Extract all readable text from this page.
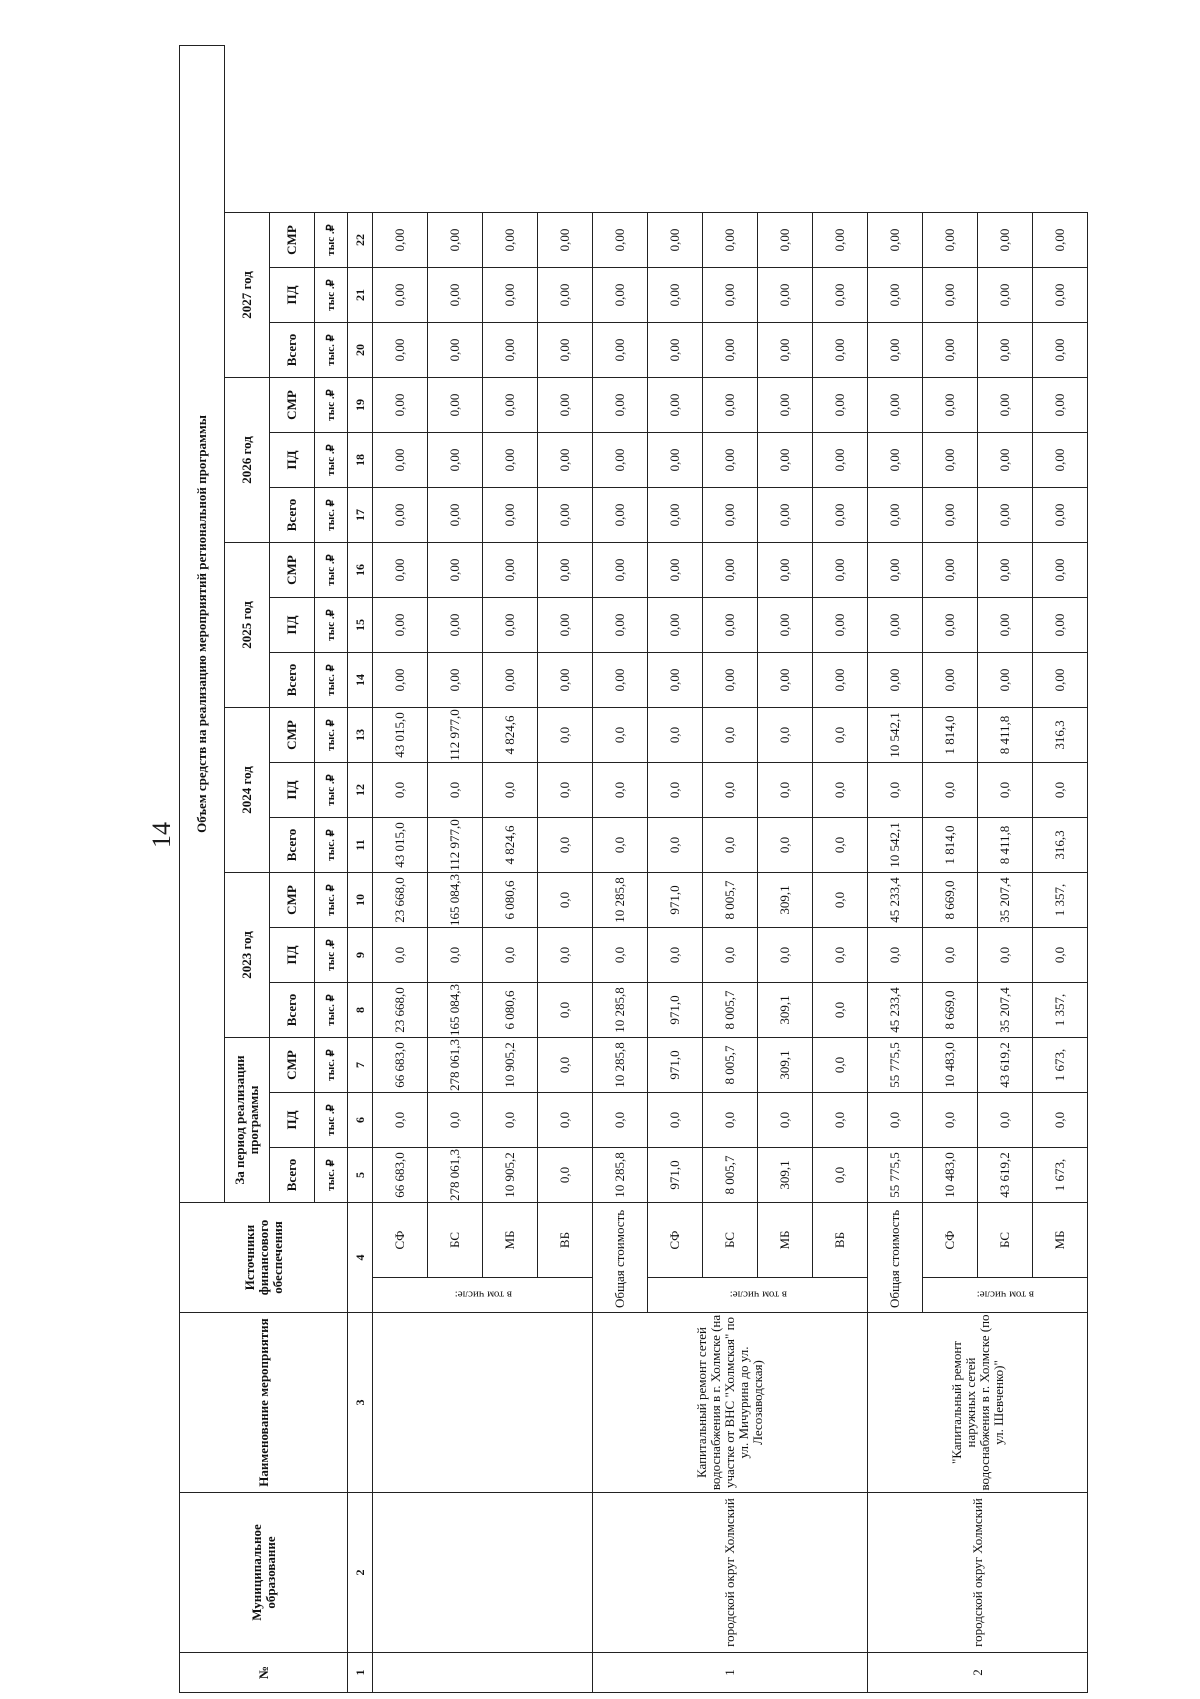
14
№	Муниципальное образование	Наименование мероприятия	Источники финансового обеспечения		Объем средств на реализацию мероприятий региональной программы																	
					За период реализации программы			2023 год			2024 год			2025 год			2026 год			2027 год		
					Всего	ПД	СМР	Всего	ПД	СМР	Всего	ПД	СМР	Всего	ПД	СМР	Всего	ПД	СМР	Всего	ПД	СМР
					тыс. ₽	тыс .₽	тыс. ₽	тыс. ₽	тыс .₽	тыс. ₽	тыс. ₽	тыс .₽	тыс. ₽	тыс. ₽	тыс .₽	тыс .₽	тыс. ₽	тыс .₽	тыс .₽	тыс. ₽	тыс .₽	тыс .₽
1	2	3	4		5	6	7	8	9	10	11	12	13	14	15	16	17	18	19	20	21	22
			в том числе:	СФ	66 683,0	0,0	66 683,0	23 668,0	0,0	23 668,0	43 015,0	0,0	43 015,0	0,00	0,00	0,00	0,00	0,00	0,00	0,00	0,00	0,00
				БС	278 061,3	0,0	278 061,3	165 084,3	0,0	165 084,3	112 977,0	0,0	112 977,0	0,00	0,00	0,00	0,00	0,00	0,00	0,00	0,00	0,00
				МБ	10 905,2	0,0	10 905,2	6 080,6	0,0	6 080,6	4 824,6	0,0	4 824,6	0,00	0,00	0,00	0,00	0,00	0,00	0,00	0,00	0,00
				ВБ	0,0	0,0	0,0	0,0	0,0	0,0	0,0	0,0	0,0	0,00	0,00	0,00	0,00	0,00	0,00	0,00	0,00	0,00
1	городской округ Холмский	Капитальный ремонт сетей водоснабжения в г. Холмске (на участке от ВНС "Холмская" по ул. Мичурина до ул. Лесозаводская)	Общая стоимость		10 285,8	0,0	10 285,8	10 285,8	0,0	10 285,8	0,0	0,0	0,0	0,00	0,00	0,00	0,00	0,00	0,00	0,00	0,00	0,00
			в том числе:	СФ	971,0	0,0	971,0	971,0	0,0	971,0	0,0	0,0	0,0	0,00	0,00	0,00	0,00	0,00	0,00	0,00	0,00	0,00
				БС	8 005,7	0,0	8 005,7	8 005,7	0,0	8 005,7	0,0	0,0	0,0	0,00	0,00	0,00	0,00	0,00	0,00	0,00	0,00	0,00
				МБ	309,1	0,0	309,1	309,1	0,0	309,1	0,0	0,0	0,0	0,00	0,00	0,00	0,00	0,00	0,00	0,00	0,00	0,00
				ВБ	0,0	0,0	0,0	0,0	0,0	0,0	0,0	0,0	0,0	0,00	0,00	0,00	0,00	0,00	0,00	0,00	0,00	0,00
2	городской округ Холмский	"Капитальный ремонт наружных сетей водоснабжения в г. Холмске (по ул. Шевченко)"	Общая стоимость		55 775,5	0,0	55 775,5	45 233,4	0,0	45 233,4	10 542,1	0,0	10 542,1	0,00	0,00	0,00	0,00	0,00	0,00	0,00	0,00	0,00
			в том числе:	СФ	10 483,0	0,0	10 483,0	8 669,0	0,0	8 669,0	1 814,0	0,0	1 814,0	0,00	0,00	0,00	0,00	0,00	0,00	0,00	0,00	0,00
				БС	43 619,2	0,0	43 619,2	35 207,4	0,0	35 207,4	8 411,8	0,0	8 411,8	0,00	0,00	0,00	0,00	0,00	0,00	0,00	0,00	0,00
				МБ	1 673,	0,0	1 673,	1 357,	0,0	1 357,	316,3	0,0	316,3	0,00	0,00	0,00	0,00	0,00	0,00	0,00	0,00	0,00
